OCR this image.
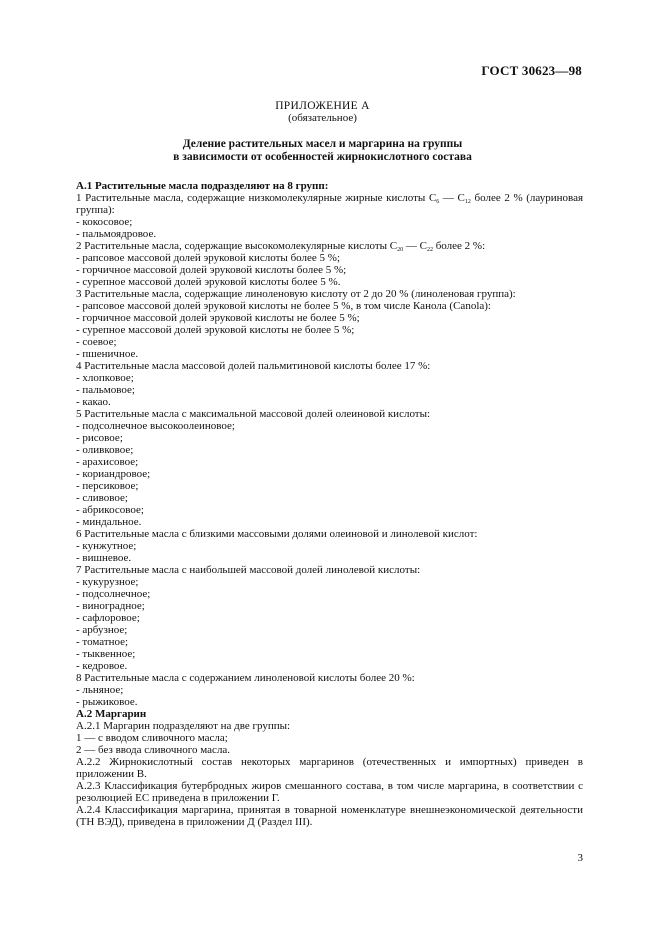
ГОСТ 30623—98
ПРИЛОЖЕНИЕ А
(обязательное)
Деление растительных масел и маргарина на группы
в зависимости от особенностей жирнокислотного состава

А.1 Растительные масла подразделяют на 8 групп:

1 Растительные масла, содержащие низкомолекулярные жирные кислоты $С_6$ — $С_{12}$ более 2 % (лауриновая группа):

- кокосовое;

- пальмоядровое.

2 Растительные масла, содержащие высокомолекулярные кислоты $С_{20}$ — $С_{22}$ более 2 %:

- рапсовое массовой долей эруковой кислоты более 5 %;

- горчичное массовой долей эруковой кислоты более 5 %;

- сурепное массовой долей эруковой кислоты более 5 %.

3 Растительные масла, содержащие линоленовую кислоту от 2 до 20 % (линоленовая группа):

- рапсовое массовой долей эруковой кислоты не более 5 %, в том числе Канола (Canola):

- горчичное массовой долей эруковой кислоты не более 5 %;

- сурепное массовой долей эруковой кислоты не более 5 %;

- соевое;

- пшеничное.

4 Растительные масла массовой долей пальмитиновой кислоты более 17 %:

- хлопковое;

- пальмовое;

- какао.

5 Растительные масла с максимальной массовой долей олеиновой кислоты:

- подсолнечное высокоолеиновое;

- рисовое;

- оливковое;

- арахисовое;

- кориандровое;

- персиковое;

- сливовое;

- абрикосовое;

- миндальное.

6 Растительные масла с близкими массовыми долями олеиновой и линолевой кислот:

- кунжутное;

- вишневое.

7 Растительные масла с наибольшей массовой долей линолевой кислоты:

- кукурузное;

- подсолнечное;

- виноградное;

- сафлоровое;

- арбузное;

- томатное;

- тыквенное;

- кедровое.

8 Растительные масла с содержанием линоленовой кислоты более 20 %:

- льняное;

- рыжиковое.

А.2 Маргарин

А.2.1 Маргарин подразделяют на две группы:

1 — с вводом сливочного масла;

2 — без ввода сливочного масла.

А.2.2 Жирнокислотный состав некоторых маргаринов (отечественных и импортных) приведен в приложении В.

А.2.3 Классификация бутербродных жиров смешанного состава, в том числе маргарина, в соответствии с резолюцией ЕС приведена в приложении Г.

А.2.4 Классификация маргарина, принятая в товарной номенклатуре внешнеэкономической деятельности (ТН ВЭД), приведена в приложении Д (Раздел III).

3
